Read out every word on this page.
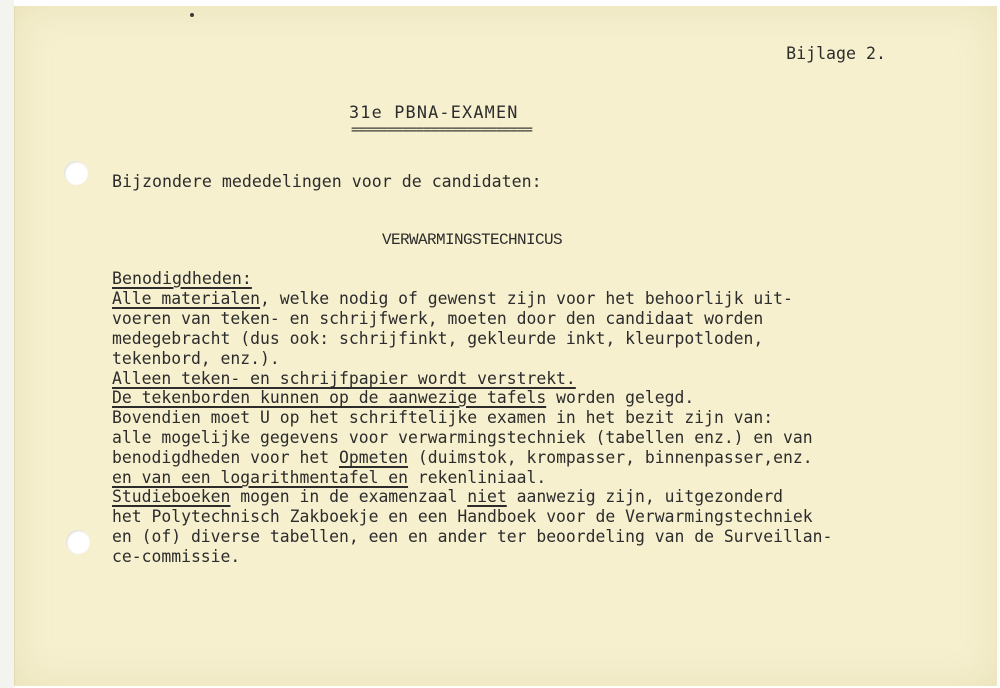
Bijlage 2.
31e PBNA-EXAMEN
=========================
Bijzondere mededelingen voor de candidaten:
VERWARMINGSTECHNICUS
Benodigdheden:
Alle materialen, welke nodig of gewenst zijn voor het behoorlijk uit-
voeren van teken- en schrijfwerk, moeten door den candidaat worden
medegebracht (dus ook: schrijfinkt, gekleurde inkt, kleurpotloden,
tekenbord, enz.).
Alleen teken- en schrijfpapier wordt verstrekt.
De tekenborden kunnen op de aanwezige tafels worden gelegd.
Bovendien moet U op het schriftelijke examen in het bezit zijn van:
alle mogelijke gegevens voor verwarmingstechniek (tabellen enz.) en van
benodigdheden voor het Opmeten (duimstok, krompasser, binnenpasser,enz.
en van een logarithmentafel en rekenliniaal.
Studieboeken mogen in de examenzaal niet aanwezig zijn, uitgezonderd
het Polytechnisch Zakboekje en een Handboek voor de Verwarmingstechniek
en (of) diverse tabellen, een en ander ter beoordeling van de Surveillan-
ce-commissie.
